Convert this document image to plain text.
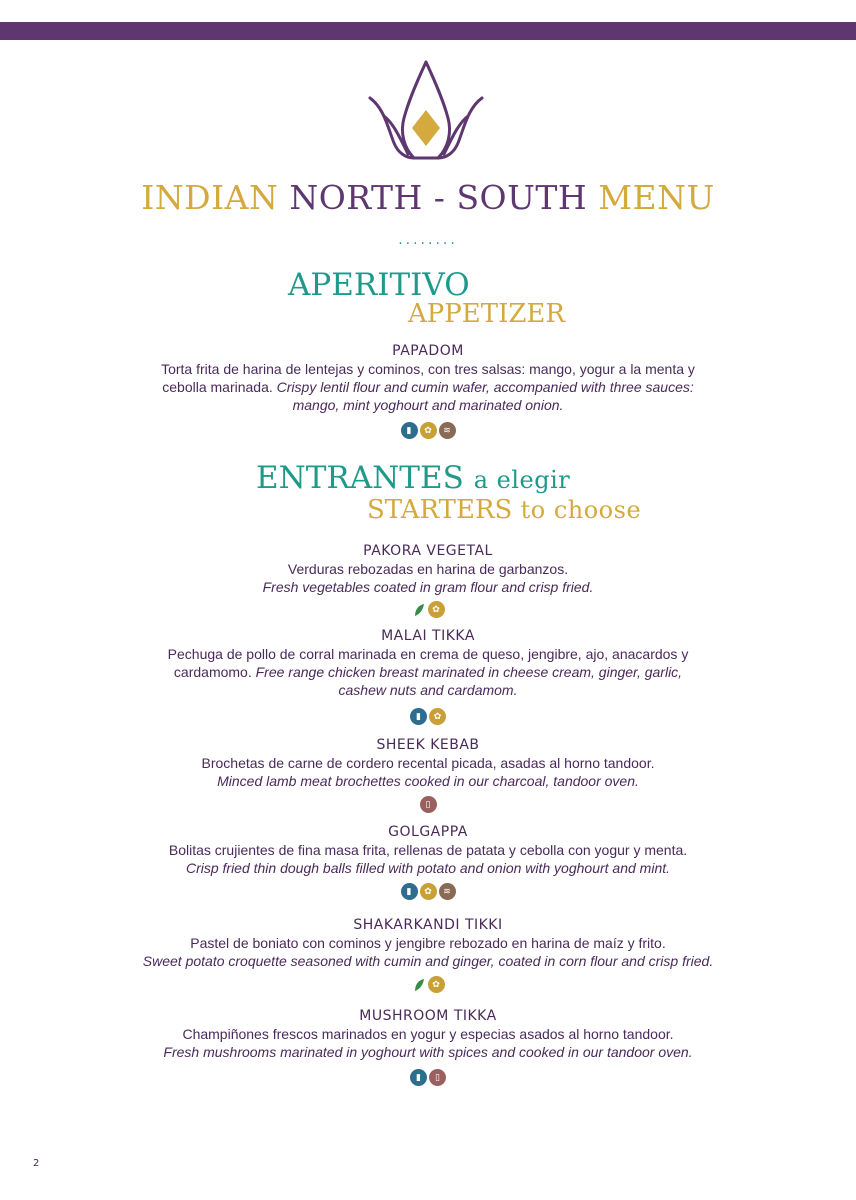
INDIAN NORTH - SOUTH MENU
........
APERITIVO
APPETIZER
PAPADOM
Torta frita de harina de lentejas y cominos, con tres salsas: mango, yogur a la menta y cebolla marinada. Crispy lentil flour and cumin wafer, accompanied with three sauces: mango, mint yoghourt and marinated onion.
▮	✿	≋
ENTRANTES a elegir
STARTERS to choose
PAKORA VEGETAL
Verduras rebozadas en harina de garbanzos.
Fresh vegetables coated in gram flour and crisp fried.
✿
MALAI TIKKA
Pechuga de pollo de corral marinada en crema de queso, jengibre, ajo, anacardos y cardamomo. Free range chicken breast marinated in cheese cream, ginger, garlic, cashew nuts and cardamom.
▮	✿
SHEEK KEBAB
Brochetas de carne de cordero recental picada, asadas al horno tandoor.
Minced lamb meat brochettes cooked in our charcoal, tandoor oven.
▯
GOLGAPPA
Bolitas crujientes de fina masa frita, rellenas de patata y cebolla con yogur y menta.
Crisp fried thin dough balls filled with potato and onion with yoghourt and mint.
▮	✿	≋
SHAKARKANDI TIKKI
Pastel de boniato con cominos y jengibre rebozado en harina de maíz y frito.
Sweet potato croquette seasoned with cumin and ginger, coated in corn flour and crisp fried.
✿
MUSHROOM TIKKA
Champiñones frescos marinados en yogur y especias asados al horno tandoor.
Fresh mushrooms marinated in yoghourt with spices and cooked in our tandoor oven.
▮	▯
2
